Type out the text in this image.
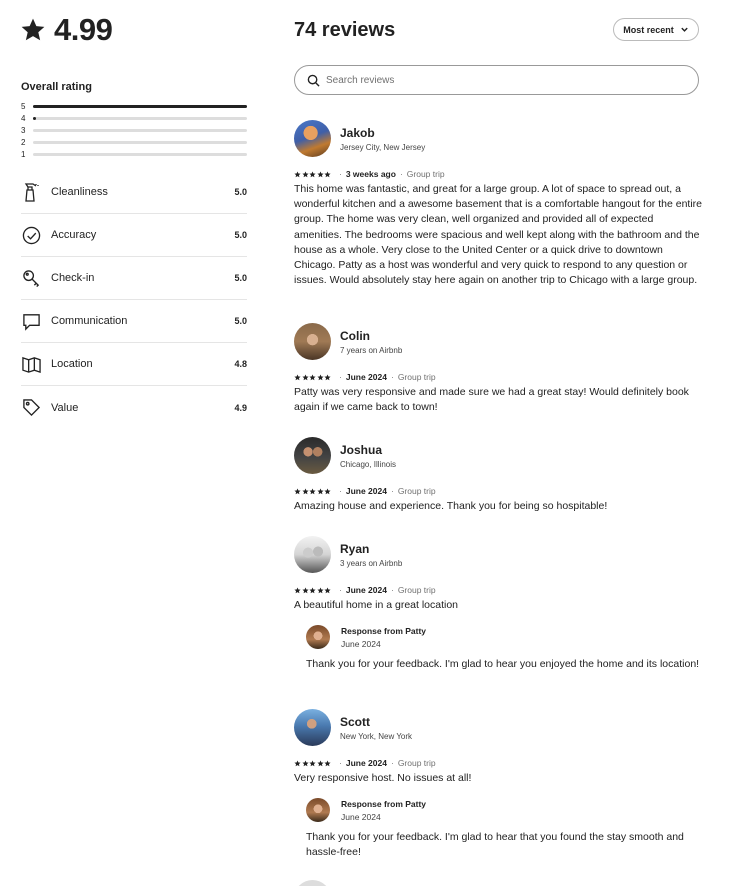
4.99
Overall rating
5
4
3
2
1
Cleanliness	5.0
Accuracy	5.0
Check-in	5.0
Communication	5.0
Location	4.8
Value	4.9
74 reviews	Most recent
Search reviews
Jakob
Jersey City, New Jersey
· 3 weeks ago · Group trip
This home was fantastic, and great for a large group. A lot of space to spread out, a wonderful kitchen and a awesome basement that is a comfortable hangout for the entire group. The home was very clean, well organized and provided all of expected amenities. The bedrooms were spacious and well kept along with the bathroom and the house as a whole. Very close to the United Center or a quick drive to downtown Chicago. Patty as a host was wonderful and very quick to respond to any question or issues. Would absolutely stay here again on another trip to Chicago with a large group.
Colin
7 years on Airbnb
· June 2024 · Group trip
Patty was very responsive and made sure we had a great stay! Would definitely book again if we came back to town!
Joshua
Chicago, Illinois
· June 2024 · Group trip
Amazing house and experience. Thank you for being so hospitable!
Ryan
3 years on Airbnb
· June 2024 · Group trip
A beautiful home in a great location
Response from Patty
June 2024
Thank you for your feedback. I'm glad to hear you enjoyed the home and its location!
Scott
New York, New York
· June 2024 · Group trip
Very responsive host. No issues at all!
Response from Patty
June 2024
Thank you for your feedback. I'm glad to hear that you found the stay smooth and hassle-free!
